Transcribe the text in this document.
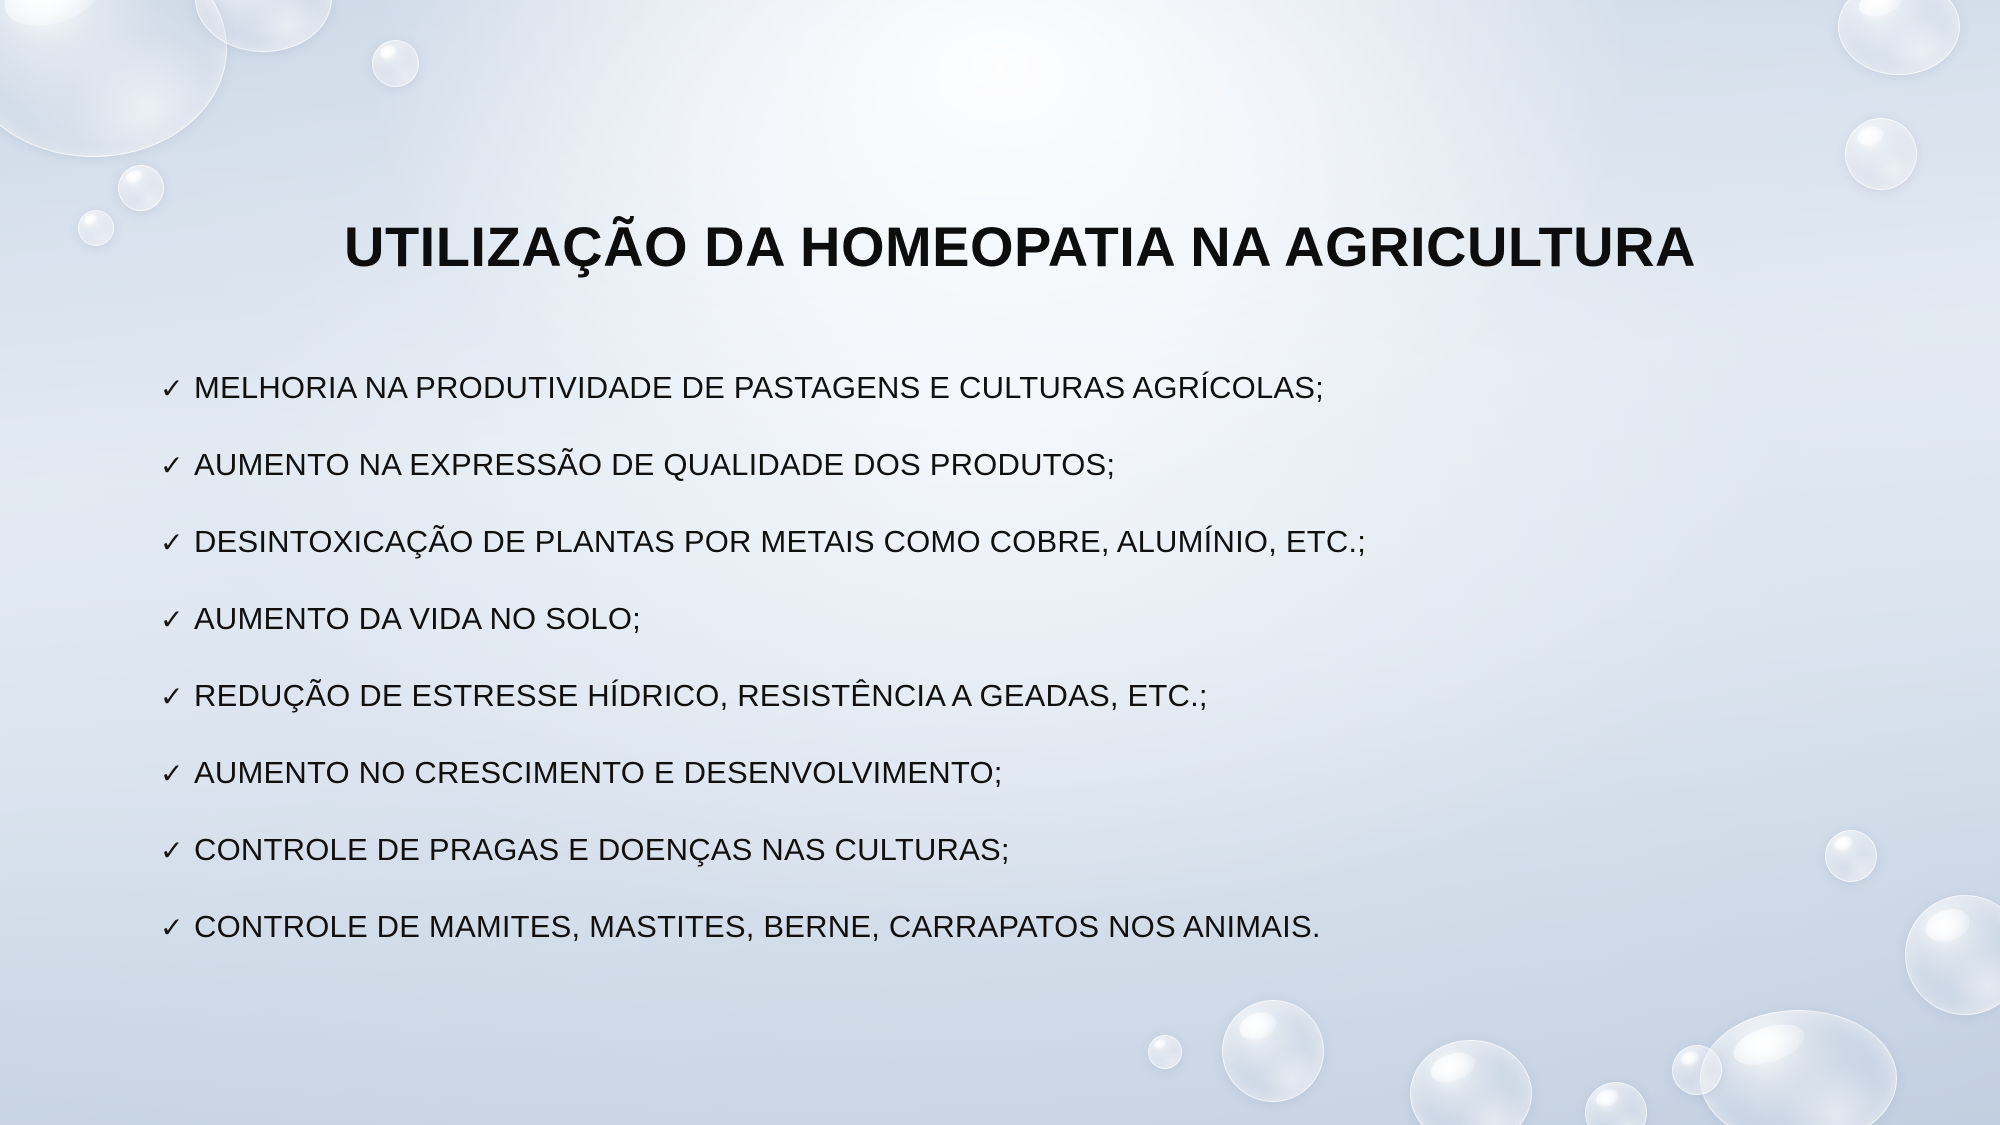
UTILIZAÇÃO DA HOMEOPATIA NA AGRICULTURA
✓ MELHORIA NA PRODUTIVIDADE DE PASTAGENS E CULTURAS AGRÍCOLAS;
✓ AUMENTO NA EXPRESSÃO DE QUALIDADE DOS PRODUTOS;
✓ DESINTOXICAÇÃO DE PLANTAS POR METAIS COMO COBRE, ALUMÍNIO, ETC.;
✓ AUMENTO DA VIDA NO SOLO;
✓ REDUÇÃO DE ESTRESSE HÍDRICO, RESISTÊNCIA A GEADAS, ETC.;
✓ AUMENTO NO CRESCIMENTO E DESENVOLVIMENTO;
✓ CONTROLE DE PRAGAS E DOENÇAS NAS CULTURAS;
✓ CONTROLE DE MAMITES, MASTITES, BERNE, CARRAPATOS NOS ANIMAIS.
